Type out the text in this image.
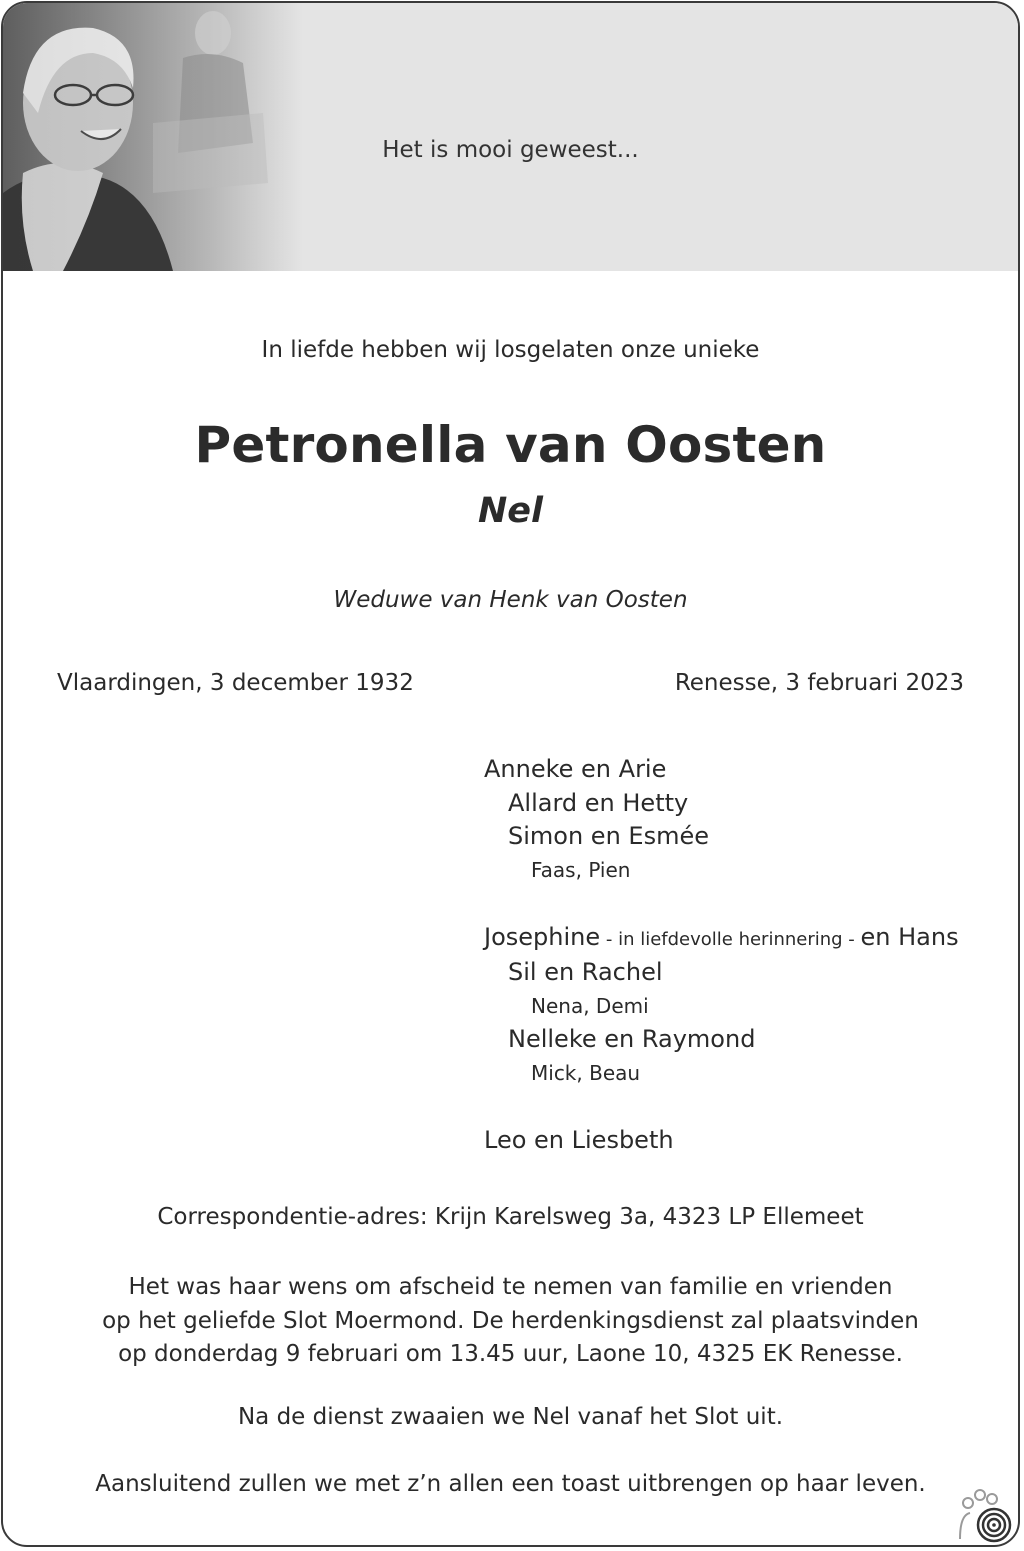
Het is mooi geweest...
In liefde hebben wij losgelaten onze unieke
Petronella van Oosten
Nel
Weduwe van Henk van Oosten
Vlaardingen, 3 december 1932	Renesse, 3 februari 2023
Anneke en Arie
Allard en Hetty
Simon en Esmée
Faas, Pien
Josephine - in liefdevolle herinnering - en Hans
Sil en Rachel
Nena, Demi
Nelleke en Raymond
Mick, Beau
Leo en Liesbeth
Correspondentie-adres: Krijn Karelsweg 3a, 4323 LP Ellemeet
Het was haar wens om afscheid te nemen van familie en vrienden
op het geliefde Slot Moermond. De herdenkingsdienst zal plaatsvinden
op donderdag 9 februari om 13.45 uur, Laone 10, 4325 EK Renesse.
Na de dienst zwaaien we Nel vanaf het Slot uit.
Aansluitend zullen we met z’n allen een toast uitbrengen op haar leven.
